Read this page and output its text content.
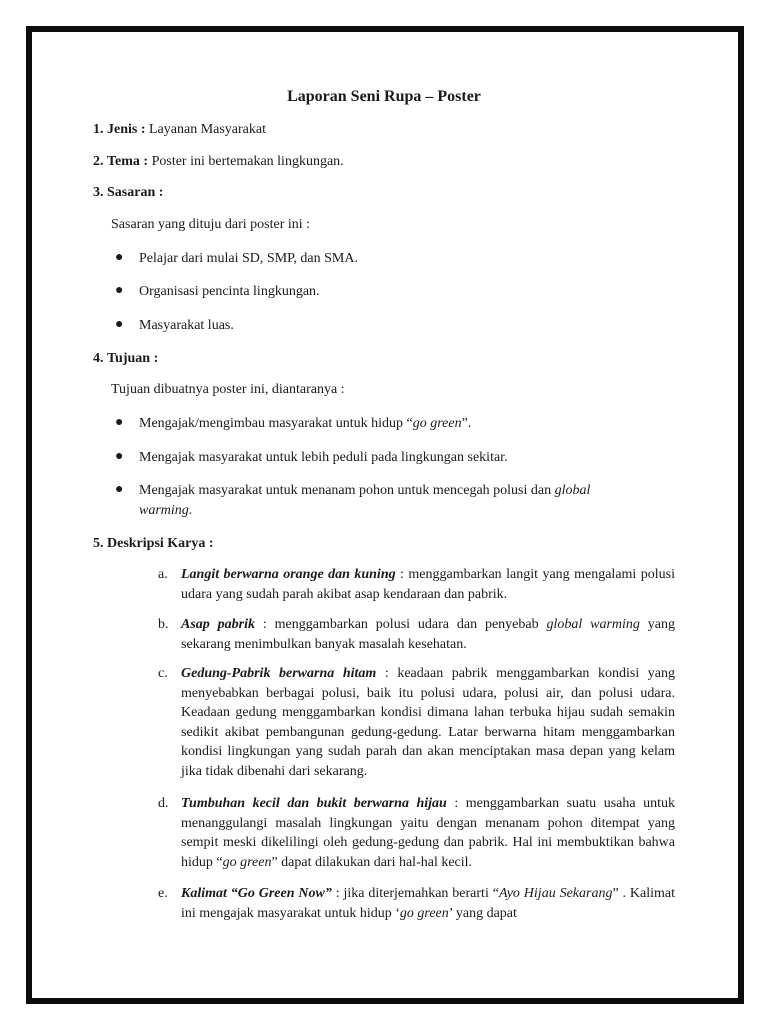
Laporan Seni Rupa – Poster
1. Jenis : Layanan Masyarakat
2. Tema : Poster ini bertemakan lingkungan.
3. Sasaran :
Sasaran yang dituju dari poster ini :
● Pelajar dari mulai SD, SMP, dan SMA.
● Organisasi pencinta lingkungan.
● Masyarakat luas.
4. Tujuan :
Tujuan dibuatnya poster ini, diantaranya :
● Mengajak/mengimbau masyarakat untuk hidup “go green”.
● Mengajak masyarakat untuk lebih peduli pada lingkungan sekitar.
● Mengajak masyarakat untuk menanam pohon untuk mencegah polusi dan global
warming.
5. Deskripsi Karya :
a. Langit berwarna orange dan kuning : menggambarkan langit yang mengalami polusi udara yang sudah parah akibat asap kendaraan dan pabrik.
b. Asap pabrik : menggambarkan polusi udara dan penyebab global warming yang sekarang menimbulkan banyak masalah kesehatan.
c. Gedung-Pabrik berwarna hitam : keadaan pabrik menggambarkan kondisi yang menyebabkan berbagai polusi, baik itu polusi udara, polusi air, dan polusi udara. Keadaan gedung menggambarkan kondisi dimana lahan terbuka hijau sudah semakin sedikit akibat pembangunan gedung-gedung. Latar berwarna hitam menggambarkan kondisi lingkungan yang sudah parah dan akan menciptakan masa depan yang kelam jika tidak dibenahi dari sekarang.
d. Tumbuhan kecil dan bukit berwarna hijau : menggambarkan suatu usaha untuk menanggulangi masalah lingkungan yaitu dengan menanam pohon ditempat yang sempit meski dikelilingi oleh gedung-gedung dan pabrik. Hal ini membuktikan bahwa hidup “go green” dapat dilakukan dari hal-hal kecil.
e. Kalimat “Go Green Now” : jika diterjemahkan berarti “Ayo Hijau Sekarang” . Kalimat ini mengajak masyarakat untuk hidup ‘go green’ yang dapat
